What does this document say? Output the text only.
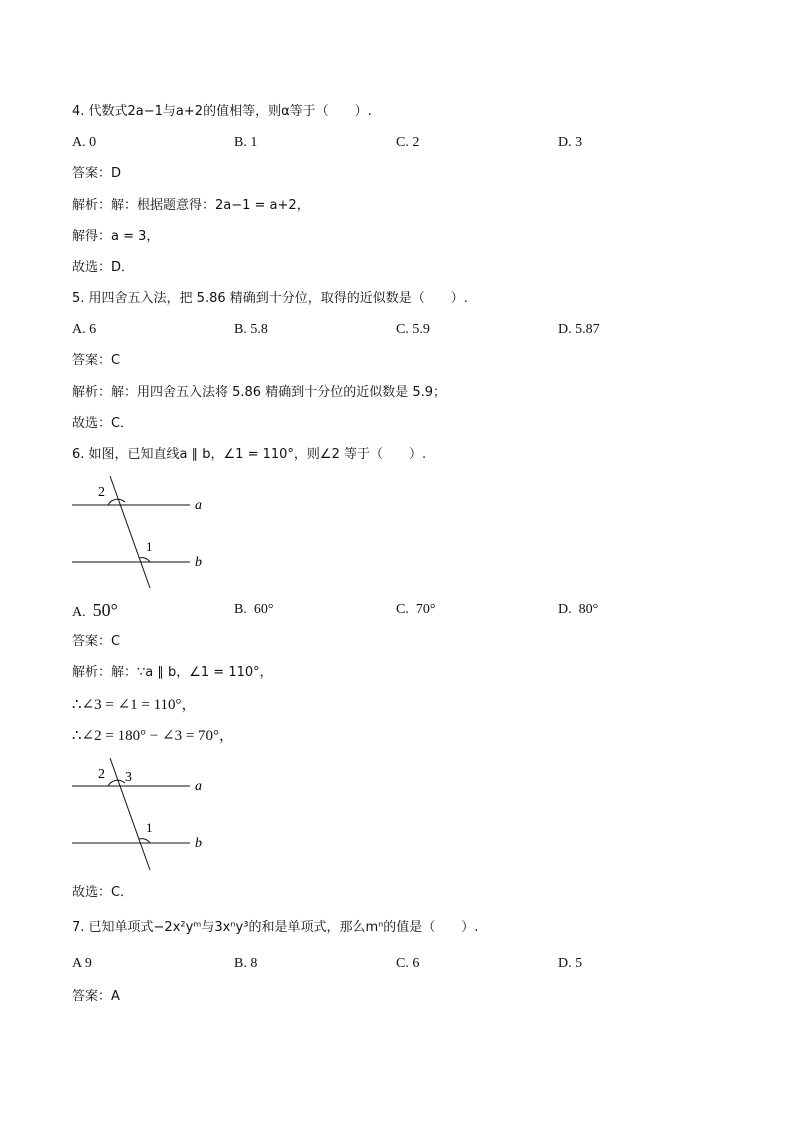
4. 代数式2a−1与a+2的值相等，则α等于（　　）.
A. 0	B. 1	C. 2	D. 3
答案：D
解析：解：根据题意得：2a−1 = a+2，
解得：a = 3，
故选：D．
5. 用四舍五入法，把 5.86 精确到十分位，取得的近似数是（　　）.
A. 6	B. 5.8	C. 5.9	D. 5.87
答案：C
解析：解：用四舍五入法将 5.86 精确到十分位的近似数是 5.9；
故选：C．
6. 如图，已知直线a ∥ b，∠1 = 110°，则∠2 等于（　　）.
2
1
a
b
A. 50°	B. 60°	C. 70°	D. 80°
答案：C
解析：解：∵a ∥ b，∠1 = 110°，
∴∠3 = ∠1 = 110°，
∴∠2 = 180° − ∠3 = 70°，
2 3
1
a
b
故选：C．
7. 已知单项式−2x²yᵐ与3xⁿy³的和是单项式，那么mⁿ的值是（　　）.
A 9	B. 8	C. 6	D. 5
答案：A
